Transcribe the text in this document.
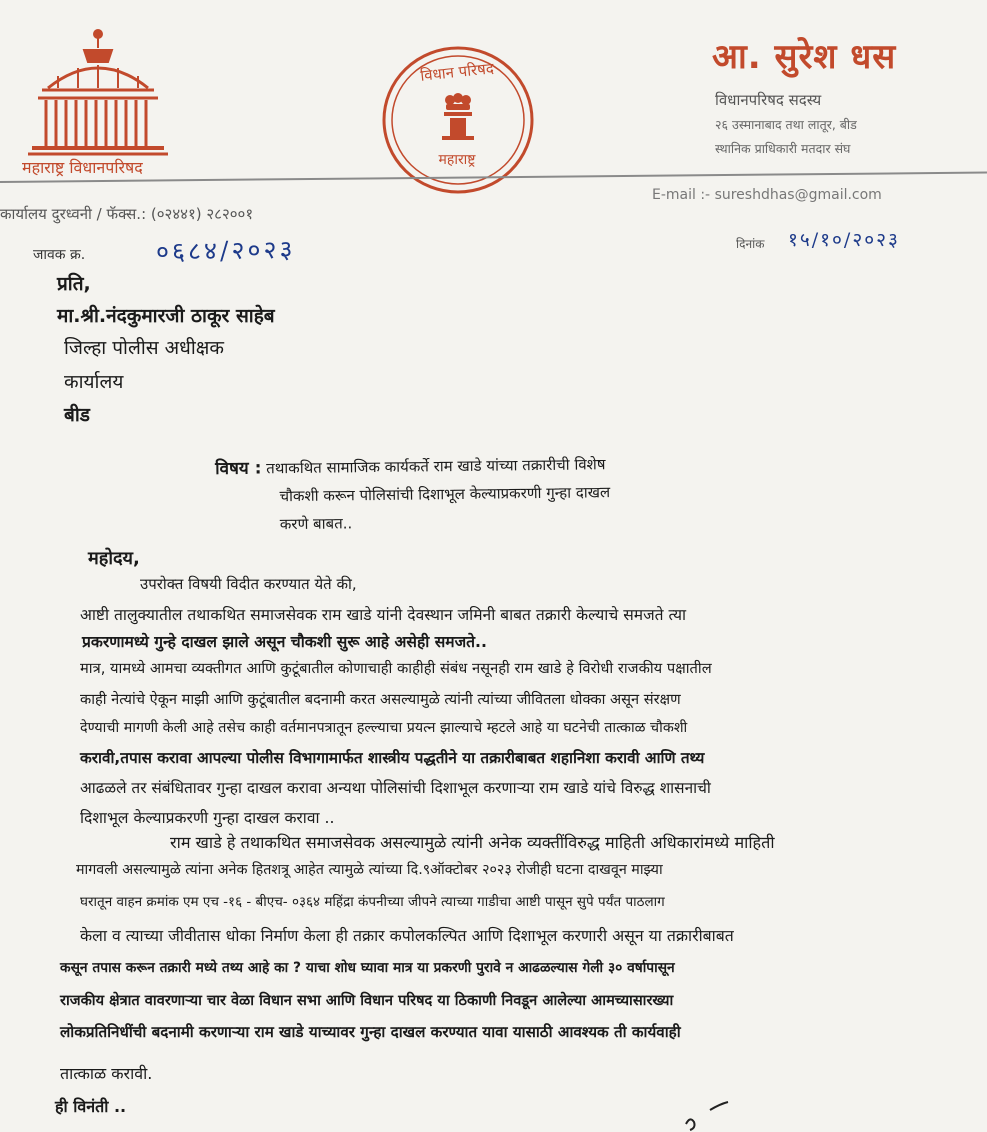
महाराष्ट्र विधानपरिषद
विधान परिषद
महाराष्ट्र
आ. सुरेश धस
विधानपरिषद सदस्य
२६ उस्मानाबाद तथा लातूर, बीड
स्थानिक प्राधिकारी मतदार संघ
E-mail :- sureshdhas@gmail.com
कार्यालय दुरध्वनी / फॅक्स.: (०२४४१) २८२००१
जावक क्र.	०६८४/२०२३	दिनांक १५/१०/२०२३
प्रति,
मा.श्री.नंदकुमारजी ठाकूर साहेब
जिल्हा पोलीस अधीक्षक
कार्यालय
बीड
विषय : तथाकथित सामाजिक कार्यकर्ते राम खाडे यांच्या तक्रारीची विशेष
चौकशी करून पोलिसांची दिशाभूल केल्याप्रकरणी गुन्हा दाखल
करणे बाबत..
महोदय,
उपरोक्त विषयी विदीत करण्यात येते की,
आष्टी तालुक्यातील तथाकथित समाजसेवक राम खाडे यांनी देवस्थान जमिनी बाबत तक्रारी केल्याचे समजते त्या
प्रकरणामध्ये गुन्हे दाखल झाले असून चौकशी सुरू आहे असेही समजते..
मात्र, यामध्ये आमचा व्यक्तीगत आणि कुटूंबातील कोणाचाही काहीही संबंध नसूनही राम खाडे हे विरोधी राजकीय पक्षातील
काही नेत्यांचे ऐकून माझी आणि कुटूंबातील बदनामी करत असल्यामुळे त्यांनी त्यांच्या जीवितला धोक्का असून संरक्षण
देण्याची मागणी केली आहे तसेच काही वर्तमानपत्रातून हल्ल्याचा प्रयत्न झाल्याचे म्हटले आहे या घटनेची तात्काळ चौकशी
करावी,तपास करावा आपल्या पोलीस विभागामार्फत शास्त्रीय पद्धतीने या तक्रारीबाबत शहानिशा करावी आणि तथ्य
आढळले तर संबंधितावर गुन्हा दाखल करावा अन्यथा पोलिसांची दिशाभूल करणाऱ्या राम खाडे यांचे विरुद्ध शासनाची
दिशाभूल केल्याप्रकरणी गुन्हा दाखल करावा ..
राम खाडे हे तथाकथित समाजसेवक असल्यामुळे त्यांनी अनेक व्यक्तींविरुद्ध माहिती अधिकारांमध्ये माहिती
मागवली असल्यामुळे त्यांना अनेक हितशत्रू आहेत त्यामुळे त्यांच्या दि.९ऑक्टोबर २०२३ रोजीही घटना दाखवून माझ्या
घरातून वाहन क्रमांक एम एच -१६ - बीएच- ०३६४ महिंद्रा कंपनीच्या जीपने त्याच्या गाडीचा आष्टी पासून सुपे पर्यंत पाठलाग
केला व त्याच्या जीवीतास धोका निर्माण केला ही तक्रार कपोलकल्पित आणि दिशाभूल करणारी असून या तक्रारीबाबत
कसून तपास करून तक्रारी मध्ये तथ्य आहे का ? याचा शोध घ्यावा मात्र या प्रकरणी पुरावे न आढळल्यास गेली ३० वर्षापासून
राजकीय क्षेत्रात वावरणाऱ्या चार वेळा विधान सभा आणि विधान परिषद या ठिकाणी निवडून आलेल्या आमच्यासारख्या
लोकप्रतिनिधींची बदनामी करणाऱ्या राम खाडे याच्यावर गुन्हा दाखल करण्यात यावा यासाठी आवश्यक ती कार्यवाही
तात्काळ करावी.
ही विनंती ..
